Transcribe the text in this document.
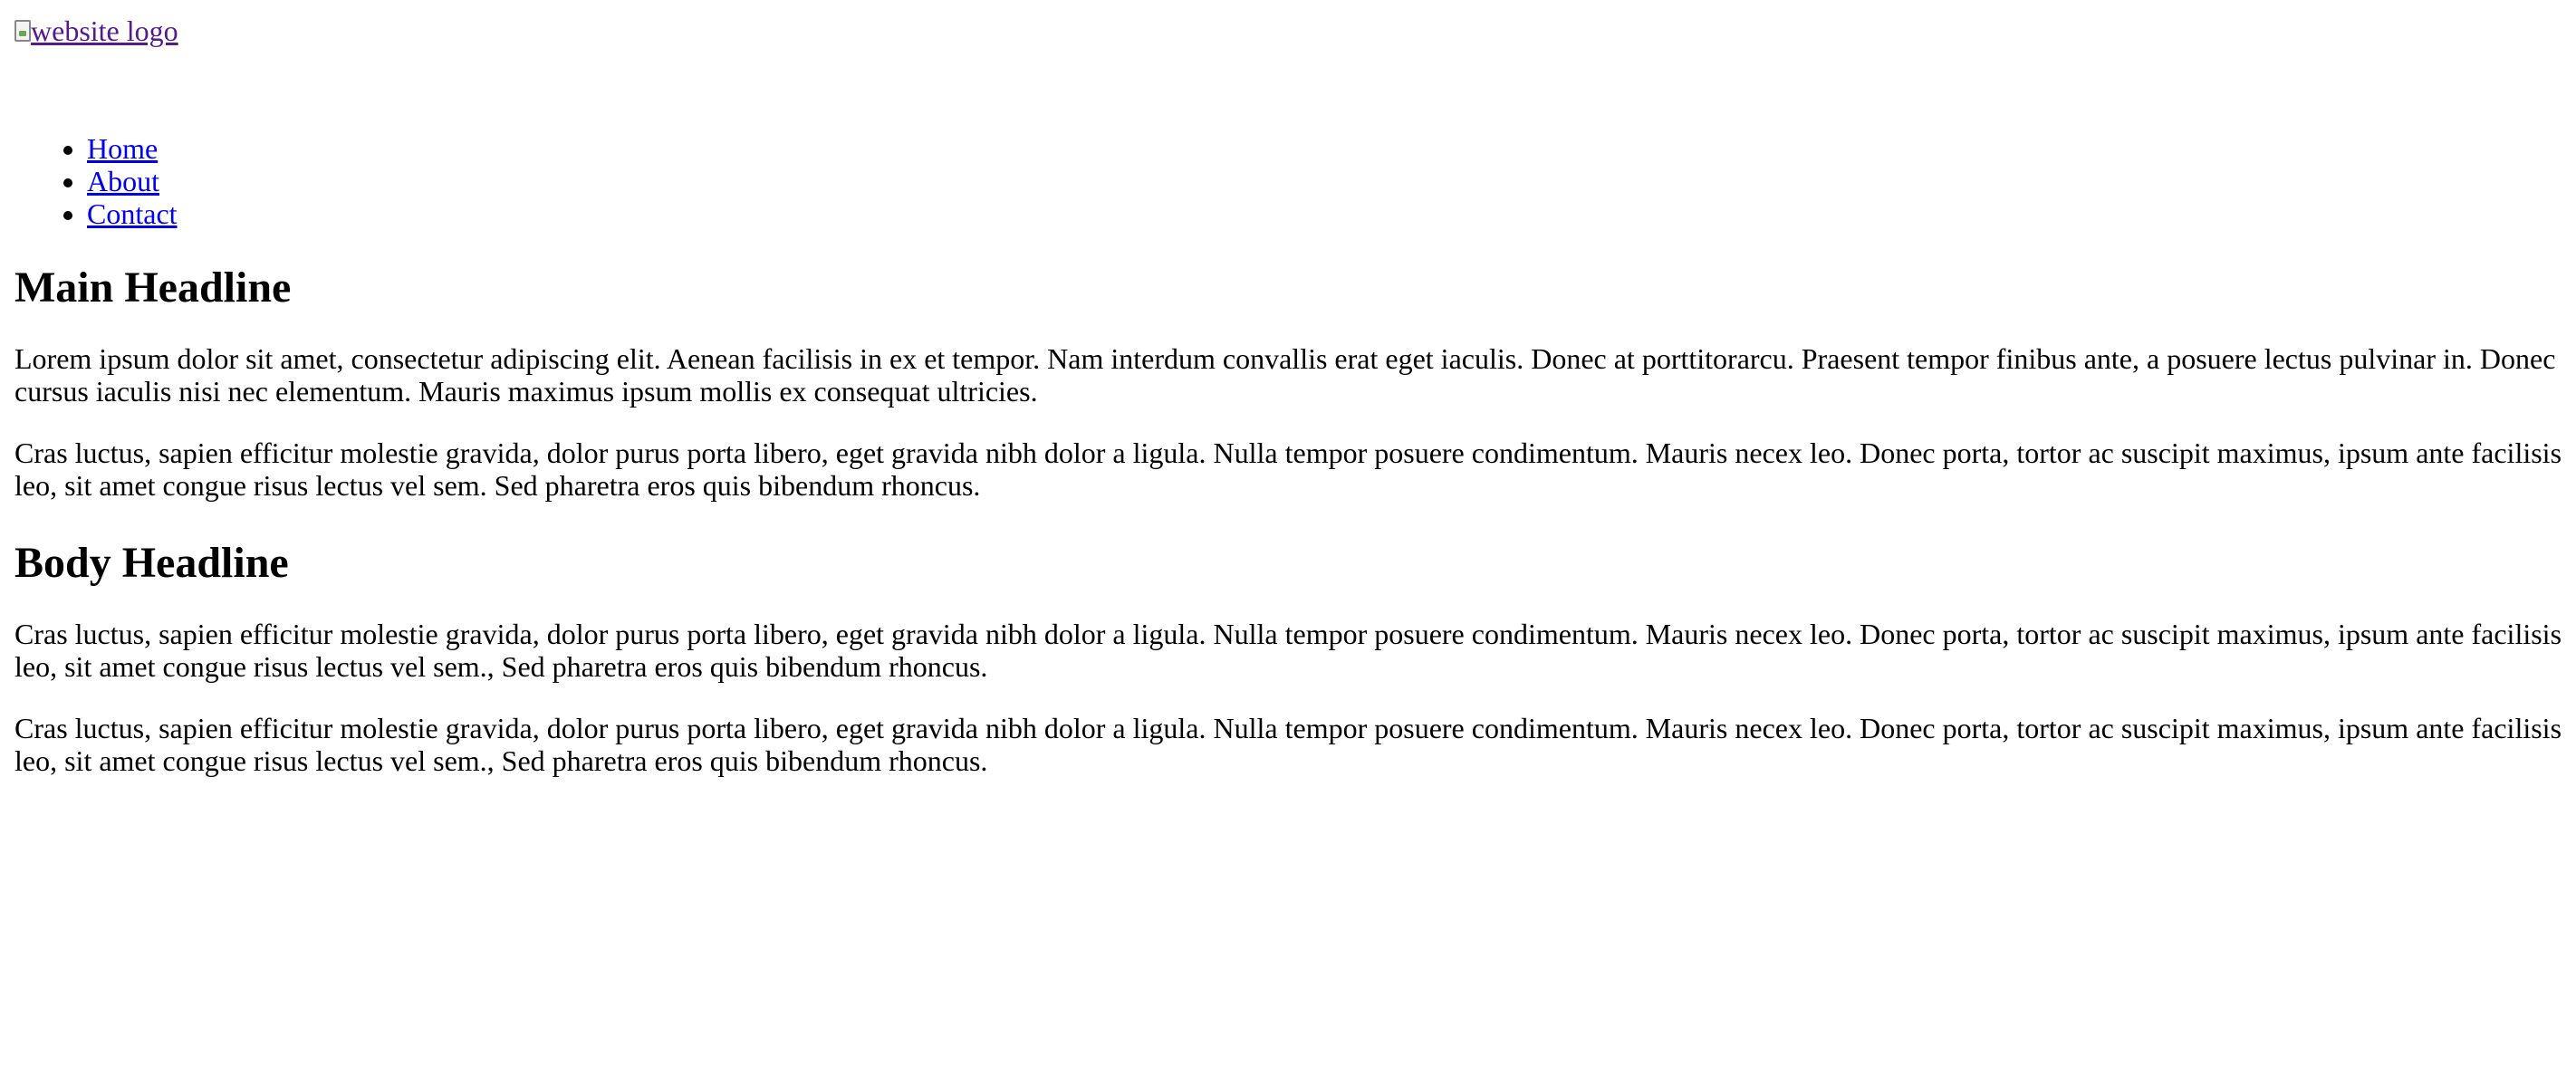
website logo
• Home
• About
• Contact
Main Headline

Lorem ipsum dolor sit amet, consectetur adipiscing elit. Aenean facilisis in ex et tempor. Nam interdum convallis erat eget iaculis. Donec at porttitorarcu. Praesent tempor finibus ante, a posuere lectus pulvinar in. Donec cursus iaculis nisi nec elementum. Mauris maximus ipsum mollis ex consequat ultricies.

Cras luctus, sapien efficitur molestie gravida, dolor purus porta libero, eget gravida nibh dolor a ligula. Nulla tempor posuere condimentum. Mauris necex leo. Donec porta, tortor ac suscipit maximus, ipsum ante facilisis leo, sit amet congue risus lectus vel sem. Sed pharetra eros quis bibendum rhoncus.

Body Headline

Cras luctus, sapien efficitur molestie gravida, dolor purus porta libero, eget gravida nibh dolor a ligula. Nulla tempor posuere condimentum. Mauris necex leo. Donec porta, tortor ac suscipit maximus, ipsum ante facilisis leo, sit amet congue risus lectus vel sem., Sed pharetra eros quis bibendum rhoncus.

Cras luctus, sapien efficitur molestie gravida, dolor purus porta libero, eget gravida nibh dolor a ligula. Nulla tempor posuere condimentum. Mauris necex leo. Donec porta, tortor ac suscipit maximus, ipsum ante facilisis leo, sit amet congue risus lectus vel sem., Sed pharetra eros quis bibendum rhoncus.
